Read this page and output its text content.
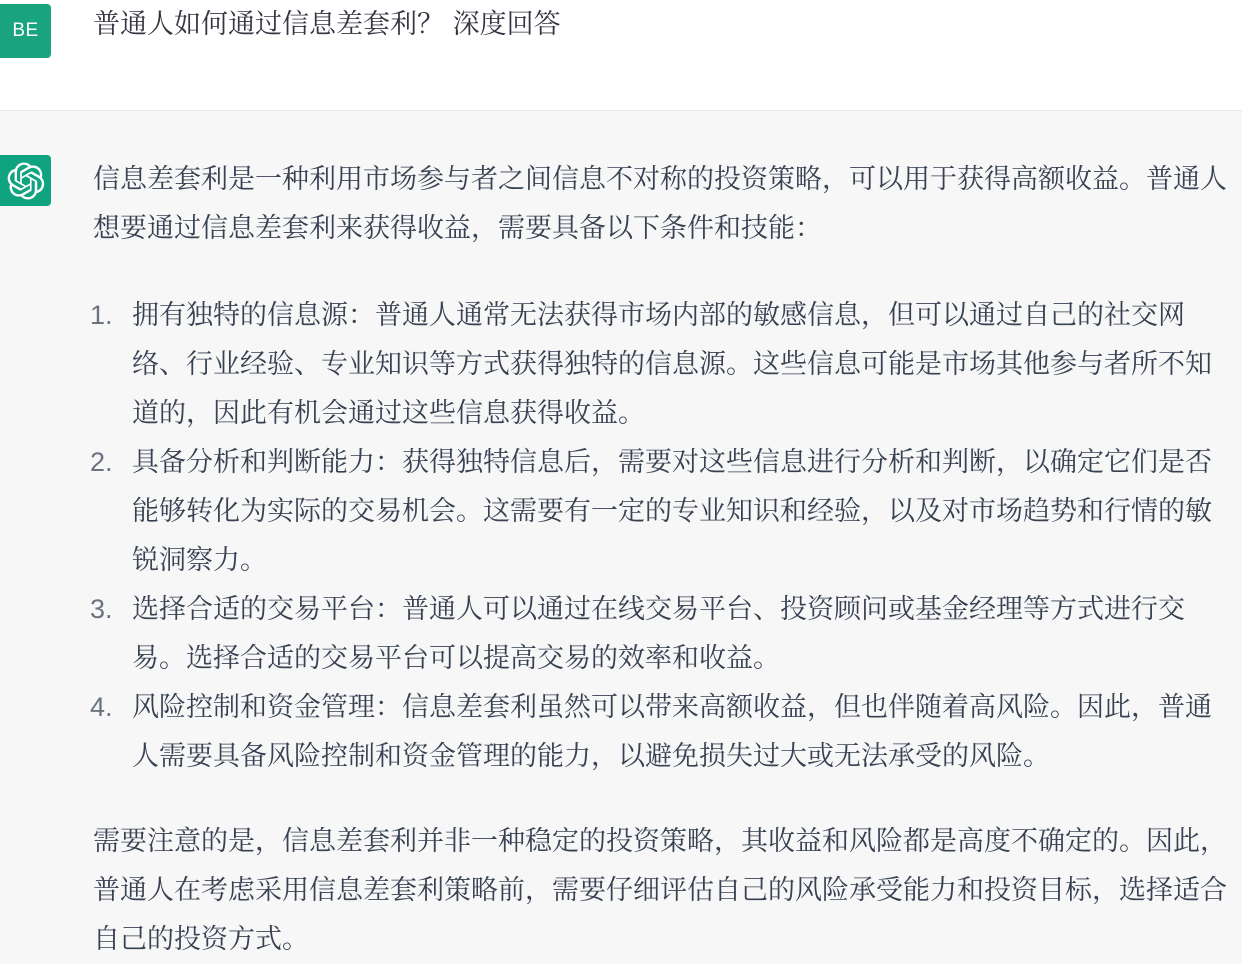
BE	普通人如何通过信息差套利？ 深度回答

信息差套利是一种利用市场参与者之间信息不对称的投资策略，可以用于获得高额收益。普通人想要通过信息差套利来获得收益，需要具备以下条件和技能：

1. 拥有独特的信息源：普通人通常无法获得市场内部的敏感信息，但可以通过自己的社交网络、行业经验、专业知识等方式获得独特的信息源。这些信息可能是市场其他参与者所不知道的，因此有机会通过这些信息获得收益。
2. 具备分析和判断能力：获得独特信息后，需要对这些信息进行分析和判断，以确定它们是否能够转化为实际的交易机会。这需要有一定的专业知识和经验，以及对市场趋势和行情的敏锐洞察力。
3. 选择合适的交易平台：普通人可以通过在线交易平台、投资顾问或基金经理等方式进行交易。选择合适的交易平台可以提高交易的效率和收益。
4. 风险控制和资金管理：信息差套利虽然可以带来高额收益，但也伴随着高风险。因此，普通人需要具备风险控制和资金管理的能力，以避免损失过大或无法承受的风险。

需要注意的是，信息差套利并非一种稳定的投资策略，其收益和风险都是高度不确定的。因此，普通人在考虑采用信息差套利策略前，需要仔细评估自己的风险承受能力和投资目标，选择适合自己的投资方式。
